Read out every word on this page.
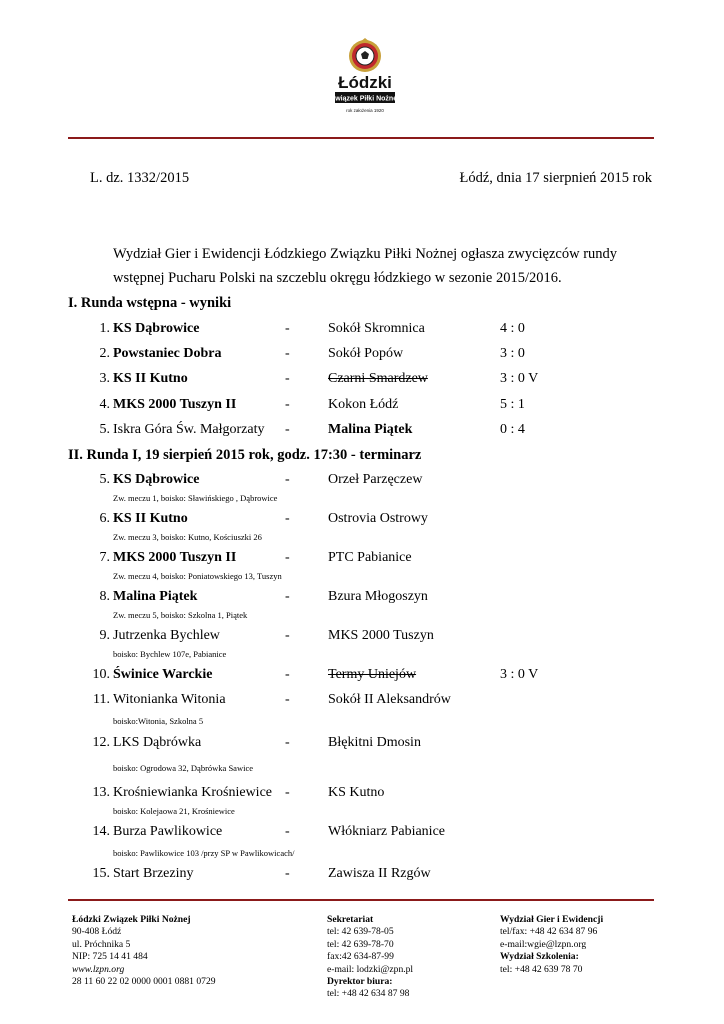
Łódzki
Związek Piłki Nożnej
rok założenia 1920
L. dz. 1332/2015	Łódź, dnia 17 sierpnień 2015 rok
Wydział Gier i Ewidencji Łódzkiego Związku Piłki Nożnej ogłasza zwycięzców rundy
wstępnej Pucharu Polski na szczeblu okręgu łódzkiego w sezonie 2015/2016.
I. Runda wstępna - wyniki
1. KS Dąbrowice	-	Sokół Skromnica	4 : 0
2. Powstaniec Dobra	-	Sokół Popów	3 : 0
3. KS II Kutno	-	Czarni Smardzew	3 : 0 V
4. MKS 2000 Tuszyn II	-	Kokon Łódź	5 : 1
5. Iskra Góra Św. Małgorzaty -	Malina Piątek	0 : 4
II. Runda I, 19 sierpień 2015 rok, godz. 17:30 - terminarz
5. KS Dąbrowice	-	Orzeł Parzęczew
Zw. meczu 1, boisko: Sławińskiego , Dąbrowice
6. KS II Kutno	-	Ostrovia Ostrowy
Zw. meczu 3, boisko: Kutno, Kościuszki 26
7. MKS 2000 Tuszyn II	-	PTC Pabianice
Zw. meczu 4, boisko: Poniatowskiego 13, Tuszyn
8. Malina Piątek	-	Bzura Młogoszyn
Zw. meczu 5, boisko: Szkolna 1, Piątek
9. Jutrzenka Bychlew	-	MKS 2000 Tuszyn
boisko: Bychlew 107e, Pabianice
10. Świnice Warckie	-	Termy Uniejów	3 : 0 V
11. Witonianka Witonia	-	Sokół II Aleksandrów
boisko:Witonia, Szkolna 5
12. LKS Dąbrówka	-	Błękitni Dmosin
boisko: Ogrodowa 32, Dąbrówka Sawice
13. Krośniewianka Krośniewice -	KS Kutno
boisko: Kolejaowa 21, Krośniewice
14. Burza Pawlikowice	-	Włókniarz Pabianice
boisko: Pawlikowice 103 /przy SP w Pawlikowicach/
15. Start Brzeziny	-	Zawisza II Rzgów
Łódzki Związek Piłki Nożnej
90-408 Łódź
ul. Próchnika 5
NIP: 725 14 41 484
www.lzpn.org
28 11 60 22 02 0000 0001 0881 0729
Sekretariat
tel: 42 639-78-05
tel: 42 639-78-70
fax:42 634-87-99
e-mail: lodzki@zpn.pl
Dyrektor biura:
tel: +48 42 634 87 98
Wydział Gier i Ewidencji
tel/fax: +48 42 634 87 96
e-mail:wgie@lzpn.org
Wydział Szkolenia:
tel: +48 42 639 78 70
